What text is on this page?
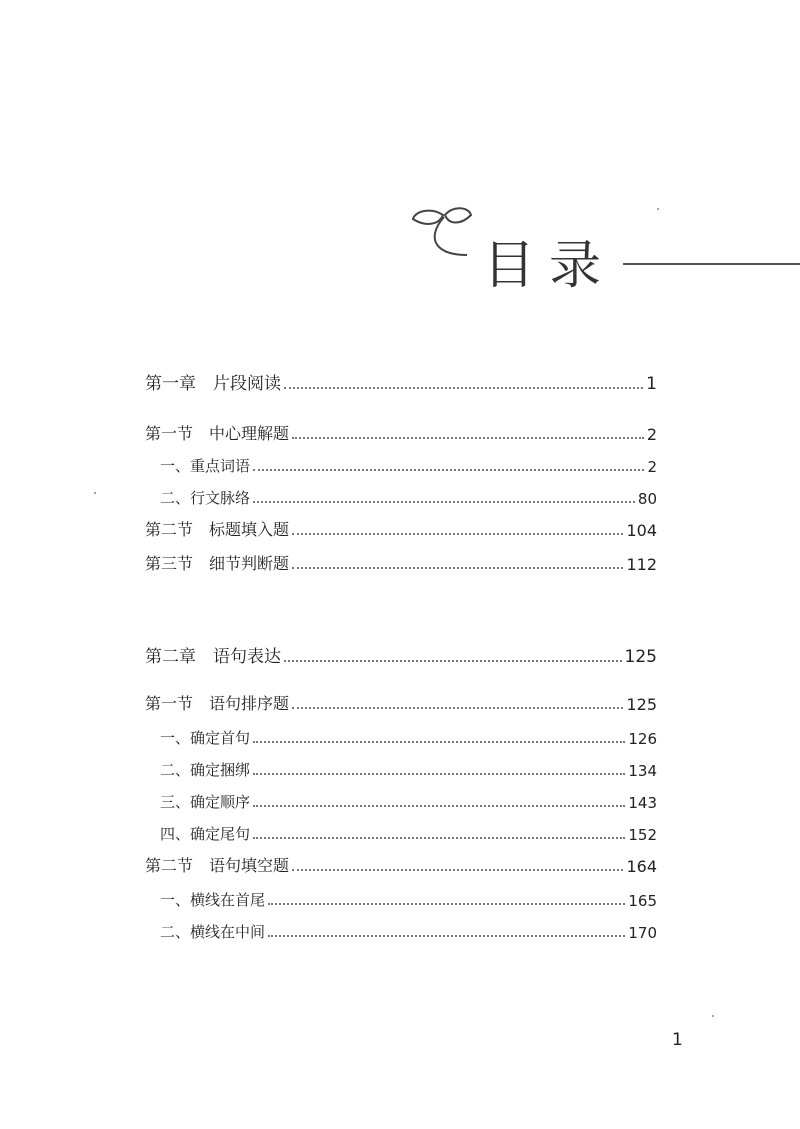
目录
第一章　片段阅读	1
第一节　中心理解题	2
一、重点词语	2
二、行文脉络	80
第二节　标题填入题	104
第三节　细节判断题	112
第二章　语句表达	125
第一节　语句排序题	125
一、确定首句	126
二、确定捆绑	134
三、确定顺序	143
四、确定尾句	152
第二节　语句填空题	164
一、横线在首尾	165
二、横线在中间	170
1
